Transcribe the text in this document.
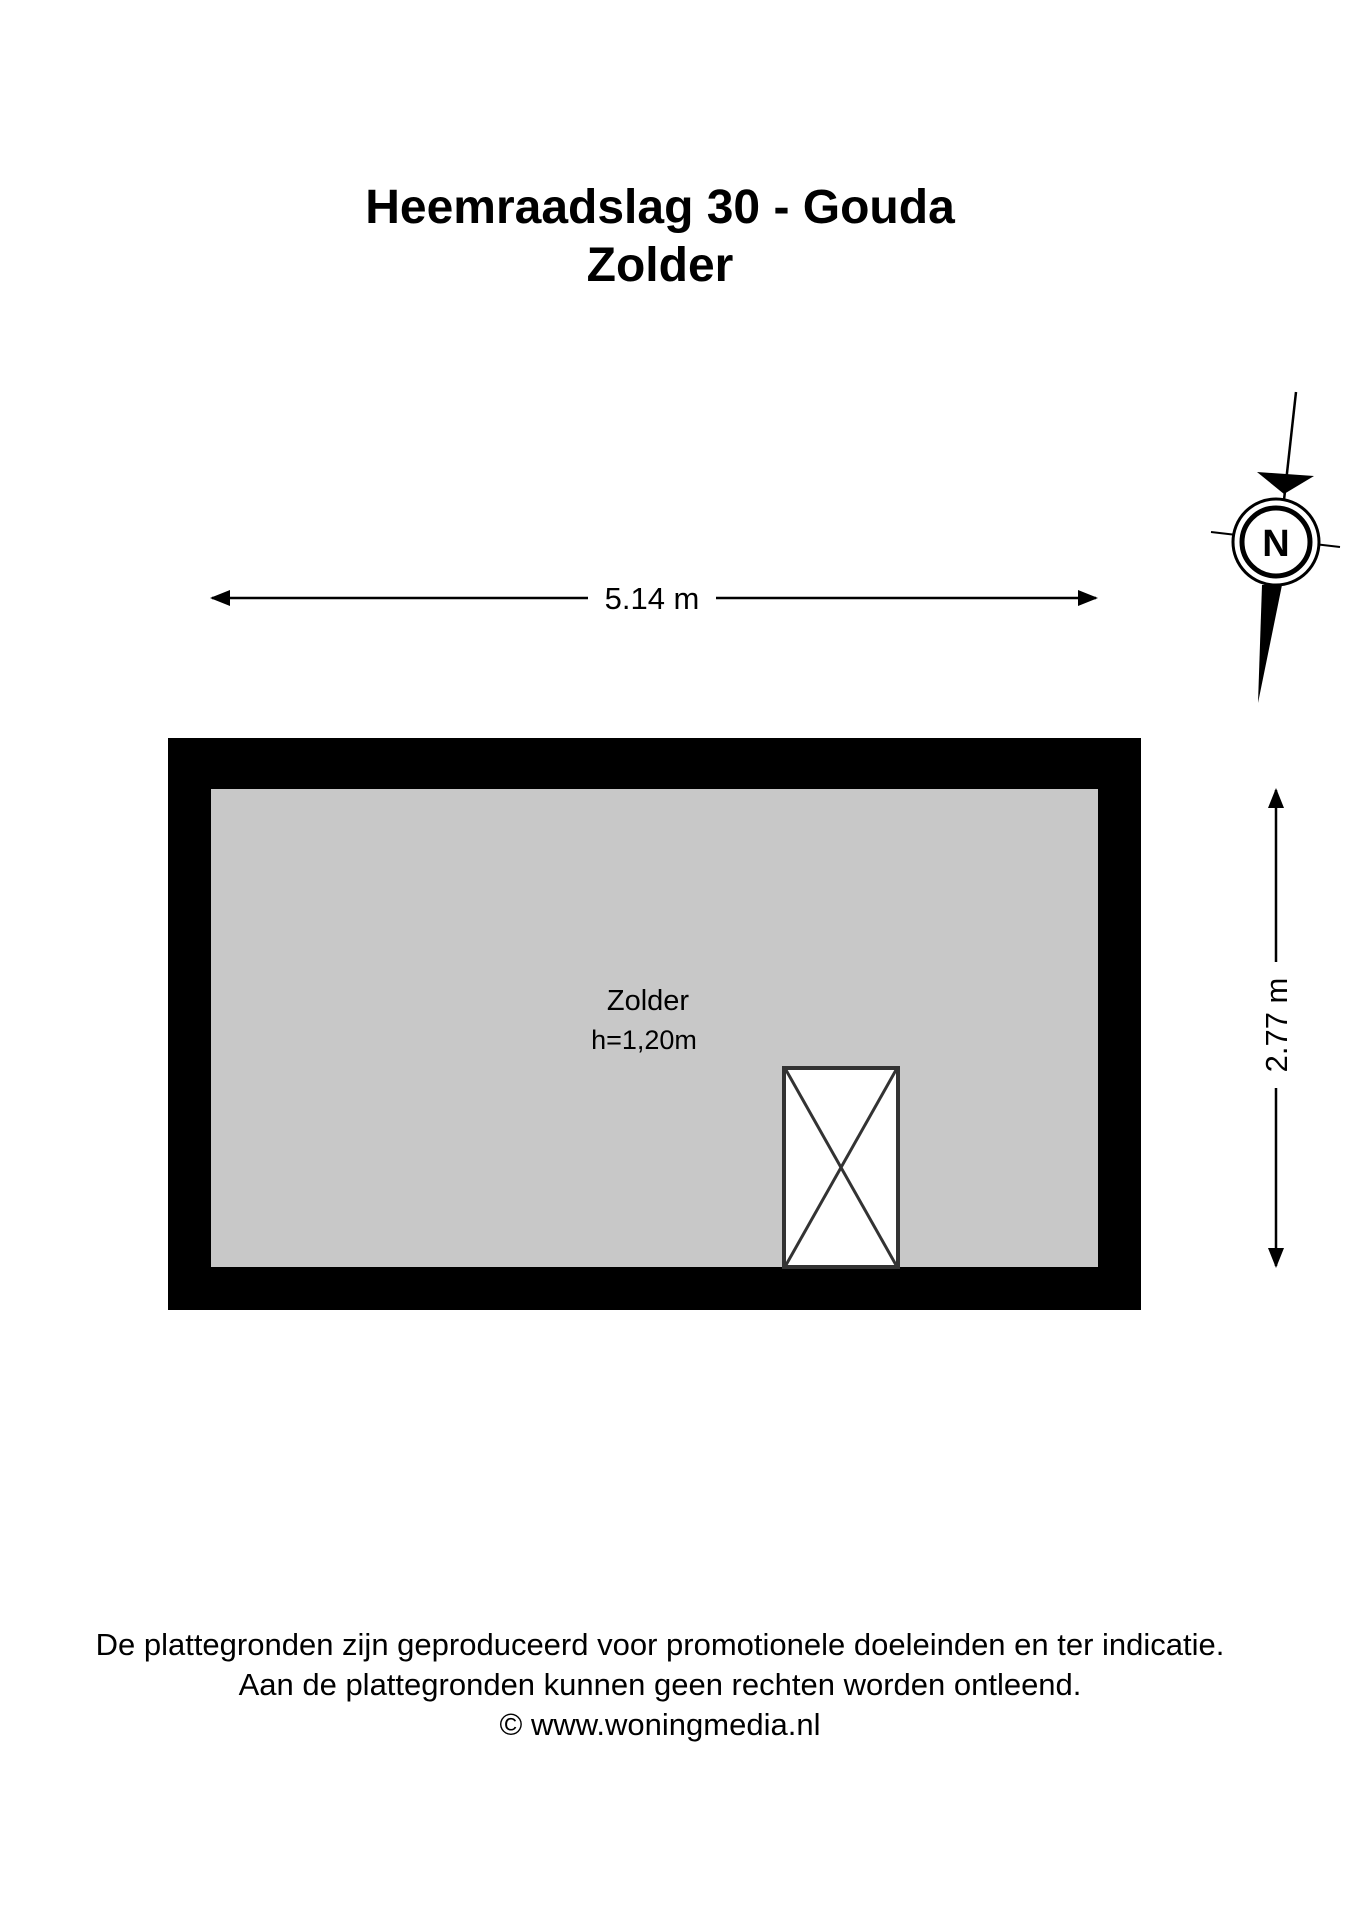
Heemraadslag 30 - Gouda
Zolder
5.14 m
2.77 m
Zolder
h=1,20m
N

De plattegronden zijn geproduceerd voor promotionele doeleinden en ter indicatie.

Aan de plattegronden kunnen geen rechten worden ontleend.

© www.woningmedia.nl
